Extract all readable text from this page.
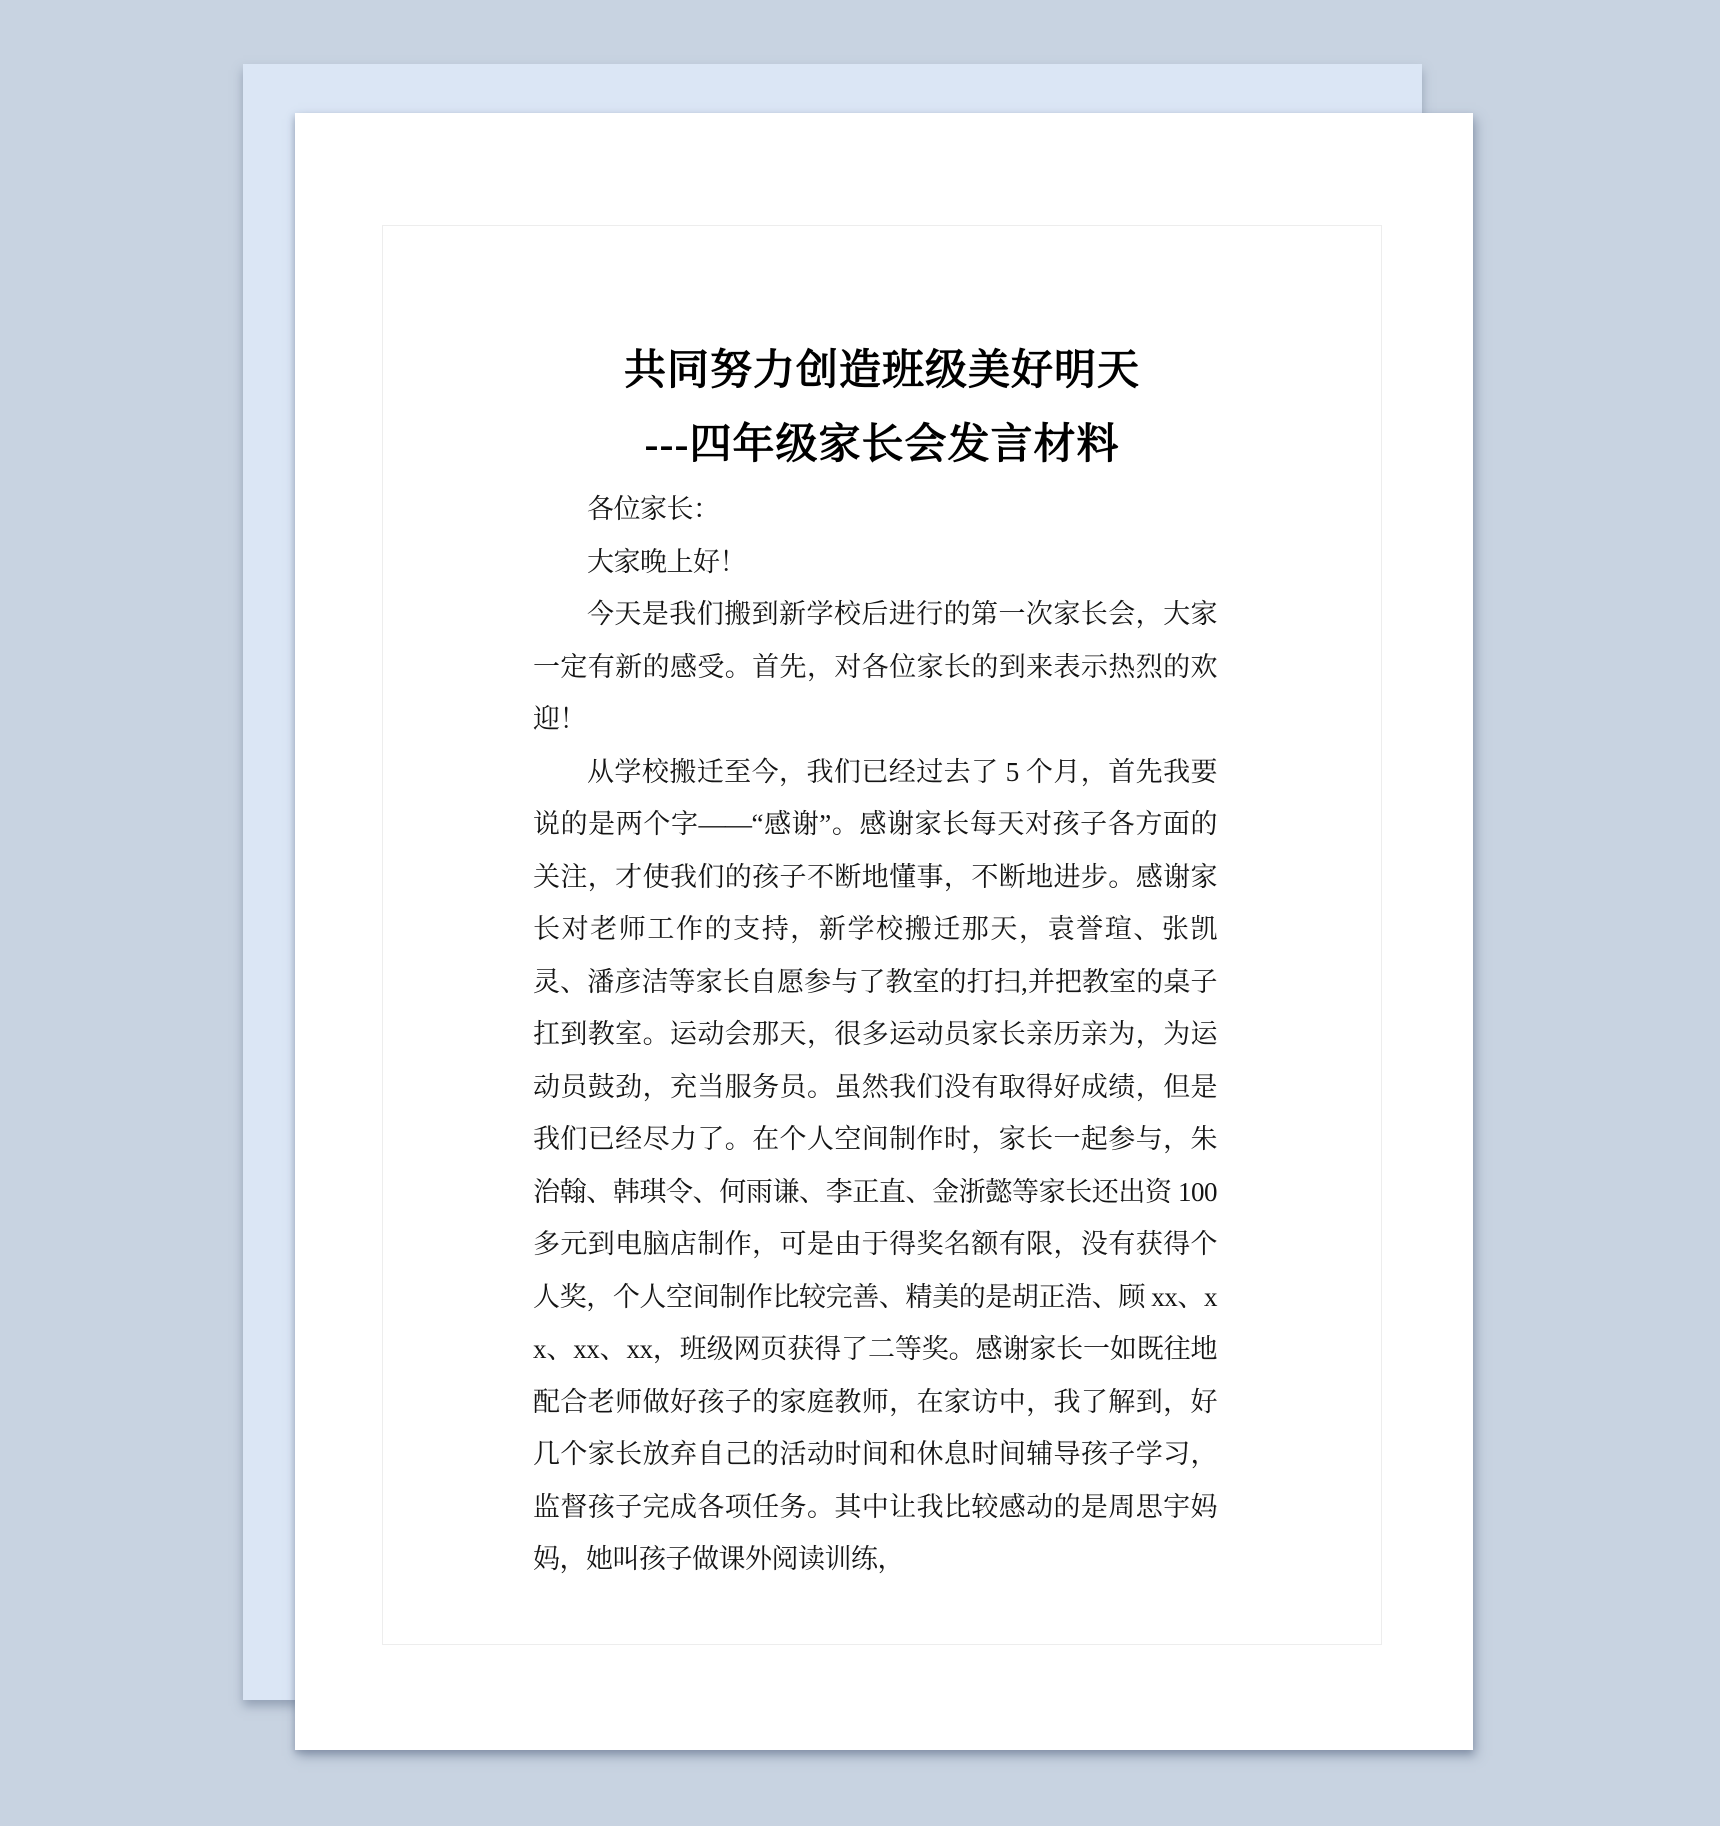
共同努力创造班级美好明天
---四年级家长会发言材料

各位家长：

大家晚上好！

今天是我们搬到新学校后进行的第一次家长会，大家一定有新的感受。首先，对各位家长的到来表示热烈的欢迎！

从学校搬迁至今，我们已经过去了 5 个月，首先我要说的是两个字——“感谢”。感谢家长每天对孩子各方面的关注，才使我们的孩子不断地懂事，不断地进步。感谢家长对老师工作的支持，新学校搬迁那天，袁誉瑄、张凯灵、潘彦洁等家长自愿参与了教室的打扫,并把教室的桌子扛到教室。运动会那天，很多运动员家长亲历亲为，为运动员鼓劲，充当服务员。虽然我们没有取得好成绩，但是我们已经尽力了。在个人空间制作时，家长一起参与，朱治翰、韩琪令、何雨谦、李正直、金浙懿等家长还出资 100 多元到电脑店制作，可是由于得奖名额有限，没有获得个人奖，个人空间制作比较完善、精美的是胡正浩、顾 xx、xx、xx、xx，班级网页获得了二等奖。感谢家长一如既往地配合老师做好孩子的家庭教师，在家访中，我了解到，好几个家长放弃自己的活动时间和休息时间辅导孩子学习，监督孩子完成各项任务。其中让我比较感动的是周思宇妈妈，她叫孩子做课外阅读训练，
